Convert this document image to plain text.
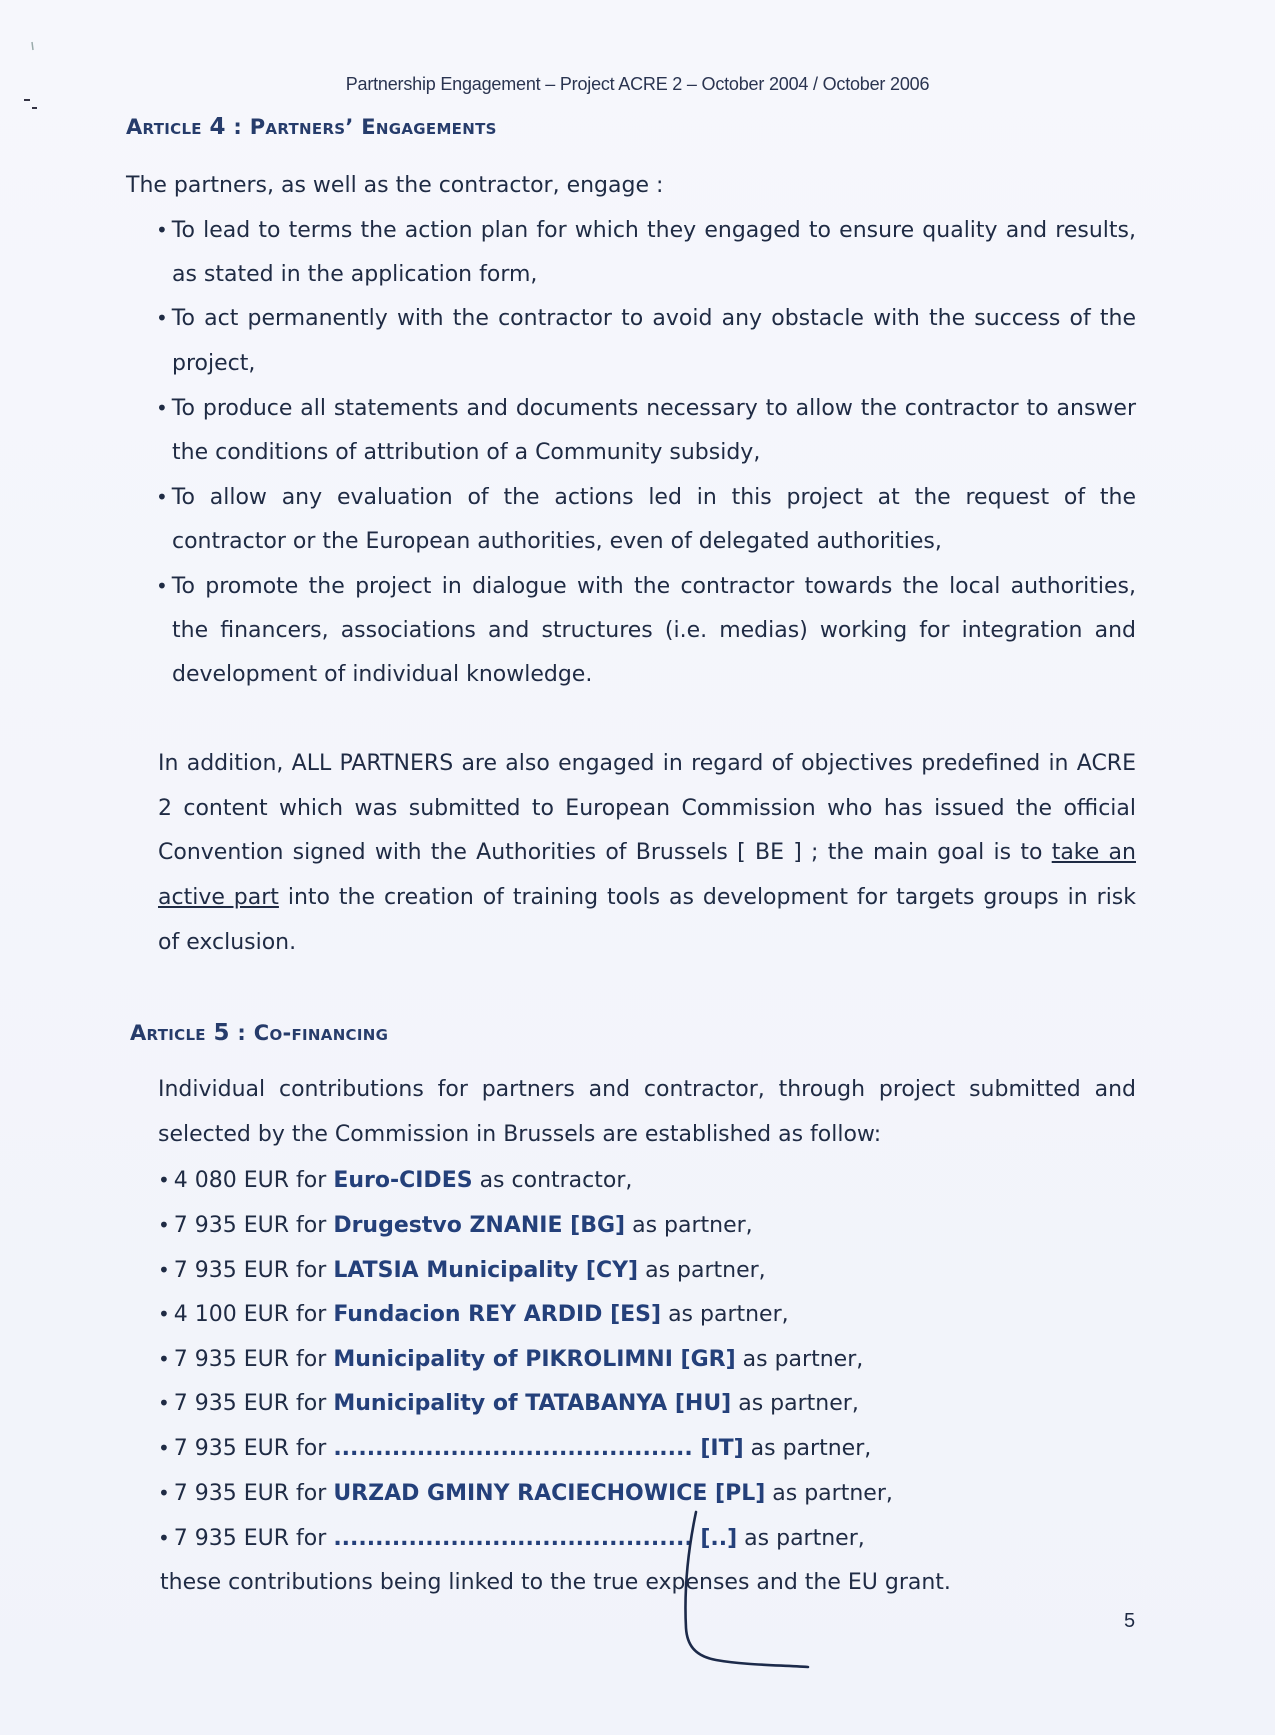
Partnership Engagement – Project ACRE 2 – October 2004 / October 2006
Article 4 : Partners’ Engagements
The partners, as well as the contractor, engage :
• To lead to terms the action plan for which they engaged to ensure quality and results,
as stated in the application form,
• To act permanently with the contractor to avoid any obstacle with the success of the
project,
• To produce all statements and documents necessary to allow the contractor to answer
the conditions of attribution of a Community subsidy,
• To allow any evaluation of the actions led in this project at the request of the
contractor or the European authorities, even of delegated authorities,
• To promote the project in dialogue with the contractor towards the local authorities,
the financers, associations and structures (i.e. medias) working for integration and
development of individual knowledge.
In addition, ALL PARTNERS are also engaged in regard of objectives predefined in ACRE
2 content which was submitted to European Commission who has issued the official
Convention signed with the Authorities of Brussels [ BE ] ; the main goal is to take an
active part into the creation of training tools as development for targets groups in risk
of exclusion.
Article 5 : Co-financing
Individual contributions for partners and contractor, through project submitted and
selected by the Commission in Brussels are established as follow:
• 4 080 EUR for Euro-CIDES as contractor,
• 7 935 EUR for Drugestvo ZNANIE [BG] as partner,
• 7 935 EUR for LATSIA Municipality [CY] as partner,
• 4 100 EUR for Fundacion REY ARDID [ES] as partner,
• 7 935 EUR for Municipality of PIKROLIMNI [GR] as partner,
• 7 935 EUR for Municipality of TATABANYA [HU] as partner,
• 7 935 EUR for ........................................... [IT] as partner,
• 7 935 EUR for URZAD GMINY RACIECHOWICE [PL] as partner,
• 7 935 EUR for ........................................... [..] as partner,
these contributions being linked to the true expenses and the EU grant.
5
